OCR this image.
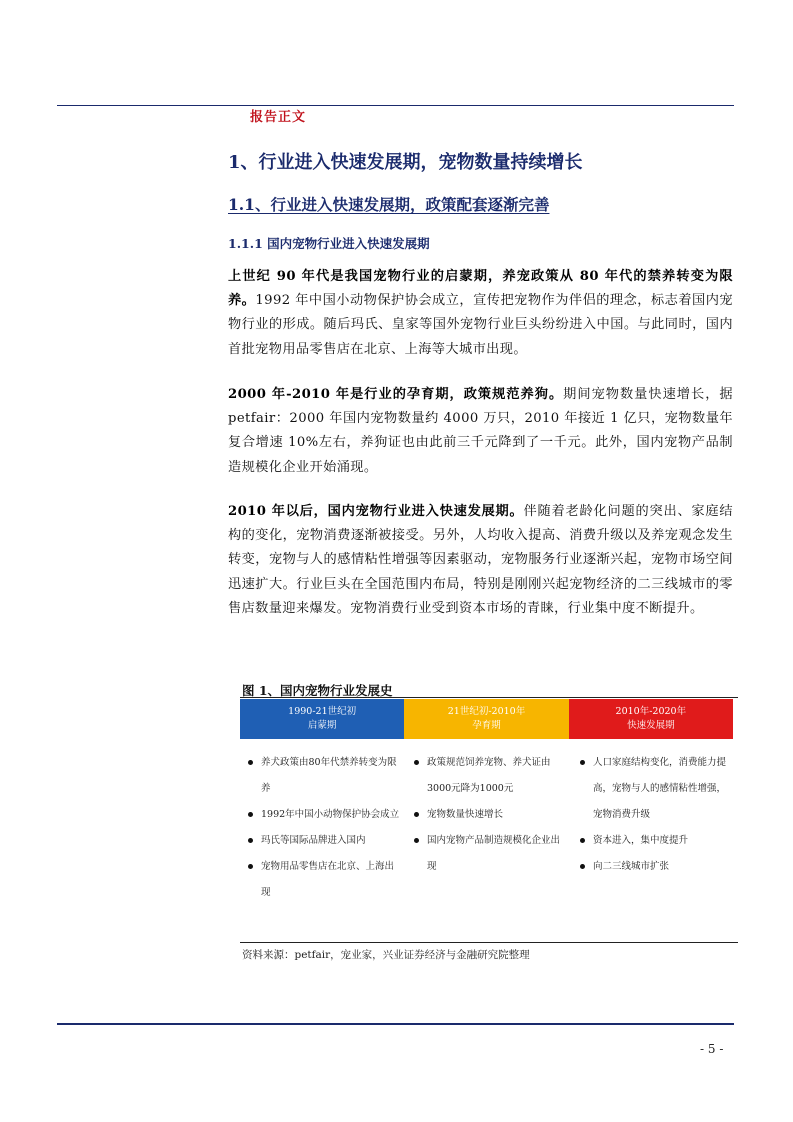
报告正文
1、行业进入快速发展期，宠物数量持续增长
1.1、行业进入快速发展期，政策配套逐渐完善
1.1.1 国内宠物行业进入快速发展期
上世纪 90 年代是我国宠物行业的启蒙期，养宠政策从 80 年代的禁养转变为限养。1992 年中国小动物保护协会成立，宣传把宠物作为伴侣的理念，标志着国内宠物行业的形成。随后玛氏、皇家等国外宠物行业巨头纷纷进入中国。与此同时，国内首批宠物用品零售店在北京、上海等大城市出现。
2000 年-2010 年是行业的孕育期，政策规范养狗。期间宠物数量快速增长，据petfair：2000 年国内宠物数量约 4000 万只，2010 年接近 1 亿只，宠物数量年复合增速 10%左右，养狗证也由此前三千元降到了一千元。此外，国内宠物产品制造规模化企业开始涌现。
2010 年以后，国内宠物行业进入快速发展期。伴随着老龄化问题的突出、家庭结构的变化，宠物消费逐渐被接受。另外，人均收入提高、消费升级以及养宠观念发生转变，宠物与人的感情粘性增强等因素驱动，宠物服务行业逐渐兴起，宠物市场空间迅速扩大。行业巨头在全国范围内布局，特别是刚刚兴起宠物经济的二三线城市的零售店数量迎来爆发。宠物消费行业受到资本市场的青睐，行业集中度不断提升。
图 1、国内宠物行业发展史
1990-21世纪初
启蒙期
21世纪初-2010年
孕育期
2010年-2020年
快速发展期
养犬政策由80年代禁养转变为限养
1992年中国小动物保护协会成立
玛氏等国际品牌进入国内
宠物用品零售店在北京、上海出现
政策规范饲养宠物、养犬证由3000元降为1000元
宠物数量快速增长
国内宠物产品制造规模化企业出现
人口家庭结构变化，消费能力提高，宠物与人的感情粘性增强，宠物消费升级
资本进入，集中度提升
向二三线城市扩张
资料来源：petfair，宠业家，兴业证券经济与金融研究院整理
- 5 -
